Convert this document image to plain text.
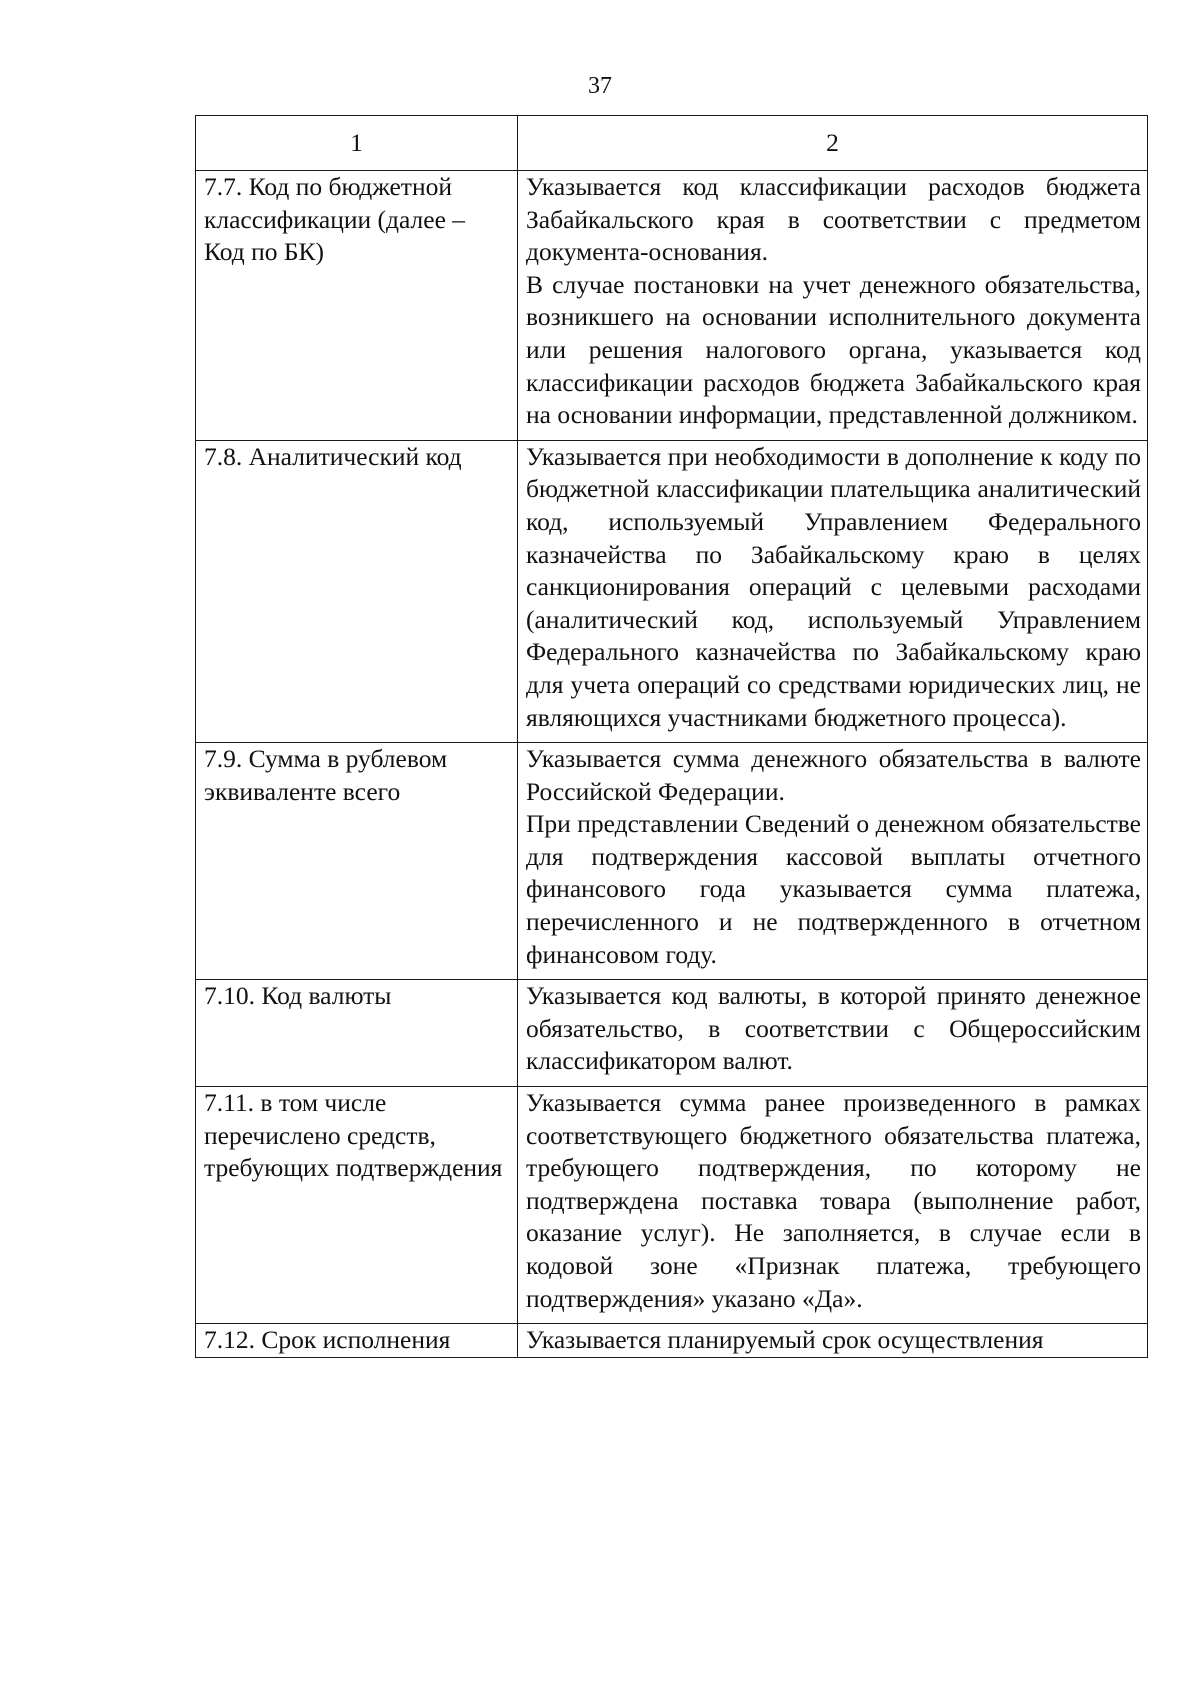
37
1	2
7.7. Код по бюджетной классификации (далее – Код по БК)	Указывается код классификации расходов бюджета Забайкальского края в соответствии с предметом документа-основания.

В случае постановки на учет денежного обязательства, возникшего на основании исполнительного документа или решения налогового органа, указывается код классификации расходов бюджета Забайкальского края на основании информации, представленной должником.

7.8. Аналитический код	Указывается при необходимости в дополнение к коду по бюджетной классификации плательщика аналитический код, используемый Управлением Федерального казначейства по Забайкальскому краю в целях санкционирования операций с целевыми расходами (аналитический код, используемый Управлением Федерального казначейства по Забайкальскому краю для учета операций со средствами юридических лиц, не являющихся участниками бюджетного процесса).

7.9. Сумма в рублевом эквиваленте всего	Указывается сумма денежного обязательства в валюте Российской Федерации.

При представлении Сведений о денежном обязательстве для подтверждения кассовой выплаты отчетного финансового года указывается сумма платежа, перечисленного и не подтвержденного в отчетном финансовом году.

7.10. Код валюты	Указывается код валюты, в которой принято денежное обязательство, в соответствии с Общероссийским классификатором валют.

7.11. в том числе перечислено средств, требующих подтверждения	Указывается сумма ранее произведенного в рамках соответствующего бюджетного обязательства платежа, требующего подтверждения, по которому не подтверждена поставка товара (выполнение работ, оказание услуг). Не заполняется, в случае если в кодовой зоне «Признак платежа, требующего подтверждения» указано «Да».

7.12. Срок исполнения	Указывается планируемый срок осуществления
